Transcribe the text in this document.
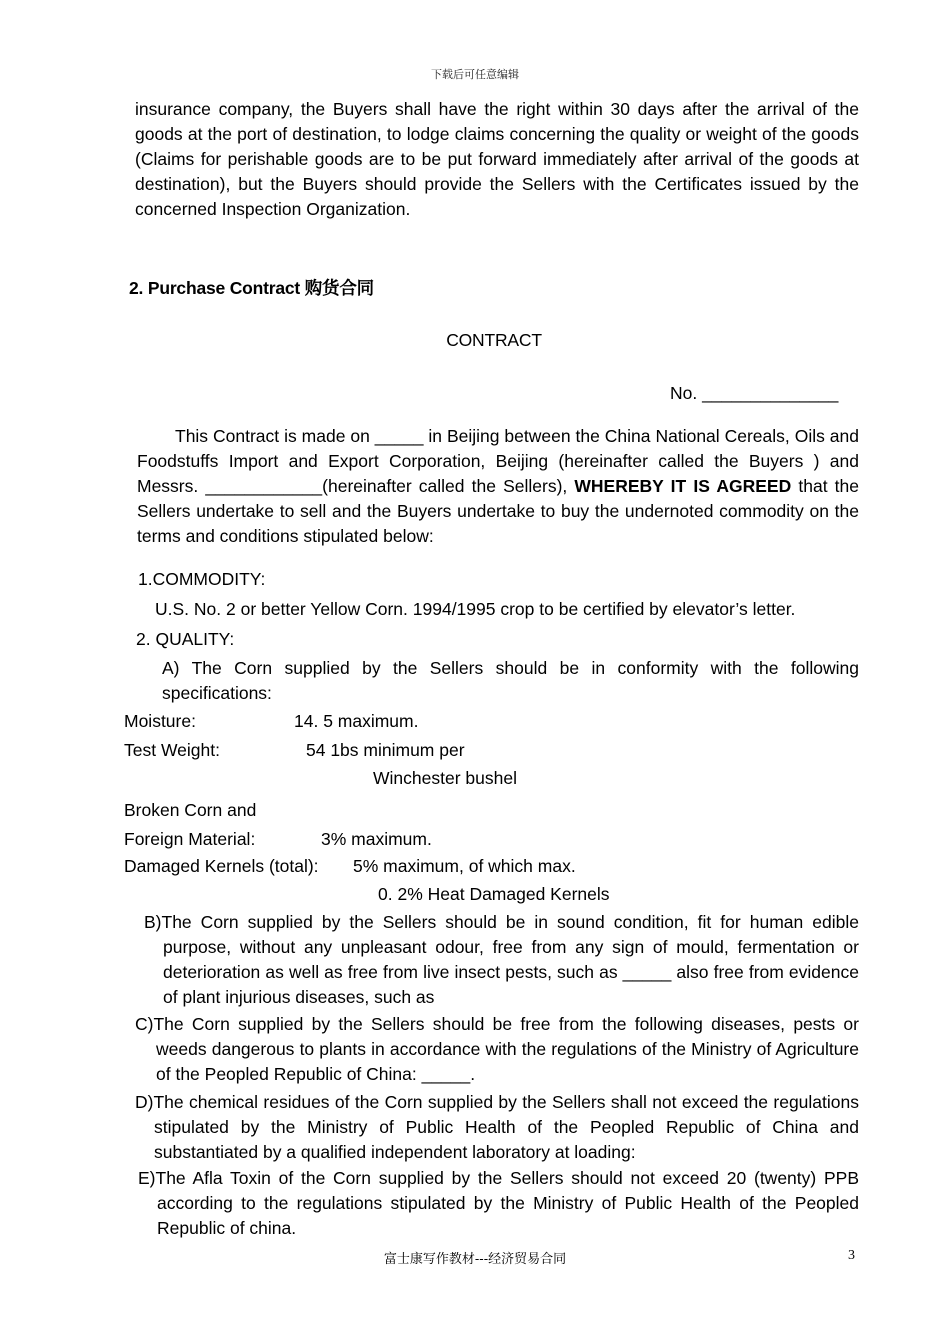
下载后可任意编辑
insurance company, the Buyers shall have the right within 30 days after the arrival of the goods at the port of destination, to lodge claims concerning the quality or weight of the goods (Claims for perishable goods are to be put forward immediately after arrival of the goods at destination), but the Buyers should provide the Sellers with the Certificates issued by the concerned Inspection Organization.
2. Purchase Contract 购货合同
CONTRACT
No. ______________
This Contract is made on _____ in Beijing between the China National Cereals, Oils and Foodstuffs Import and Export Corporation, Beijing (hereinafter called the Buyers ) and Messrs. ____________(hereinafter called the Sellers), WHEREBY IT IS AGREED that the Sellers undertake to sell and the Buyers undertake to buy the undernoted commodity on the terms and conditions stipulated below:
1.COMMODITY:
U.S. No. 2 or better Yellow Corn. 1994/1995 crop to be certified by elevator’s letter.
2. QUALITY:
A) The Corn supplied by the Sellers should be in conformity with the following specifications:
Moisture:	14. 5 maximum.
Test Weight:	54 1bs minimum per
Winchester bushel
Broken Corn and
Foreign Material:	3% maximum.
Damaged Kernels (total): 5% maximum, of which max.
0. 2% Heat Damaged Kernels
B)The Corn supplied by the Sellers should be in sound condition, fit for human edible purpose, without any unpleasant odour, free from any sign of mould, fermentation or deterioration as well as free from live insect pests, such as _____ also free from evidence of plant injurious diseases, such as
C)The Corn supplied by the Sellers should be free from the following diseases, pests or weeds dangerous to plants in accordance with the regulations of the Ministry of Agriculture of the Peopled Republic of China: _____.
D)The chemical residues of the Corn supplied by the Sellers shall not exceed the regulations stipulated by the Ministry of Public Health of the Peopled Republic of China and substantiated by a qualified independent laboratory at loading:
E)The Afla Toxin of the Corn supplied by the Sellers should not exceed 20 (twenty) PPB according to the regulations stipulated by the Ministry of Public Health of the Peopled Republic of china.
富士康写作教材---经济贸易合同	3
